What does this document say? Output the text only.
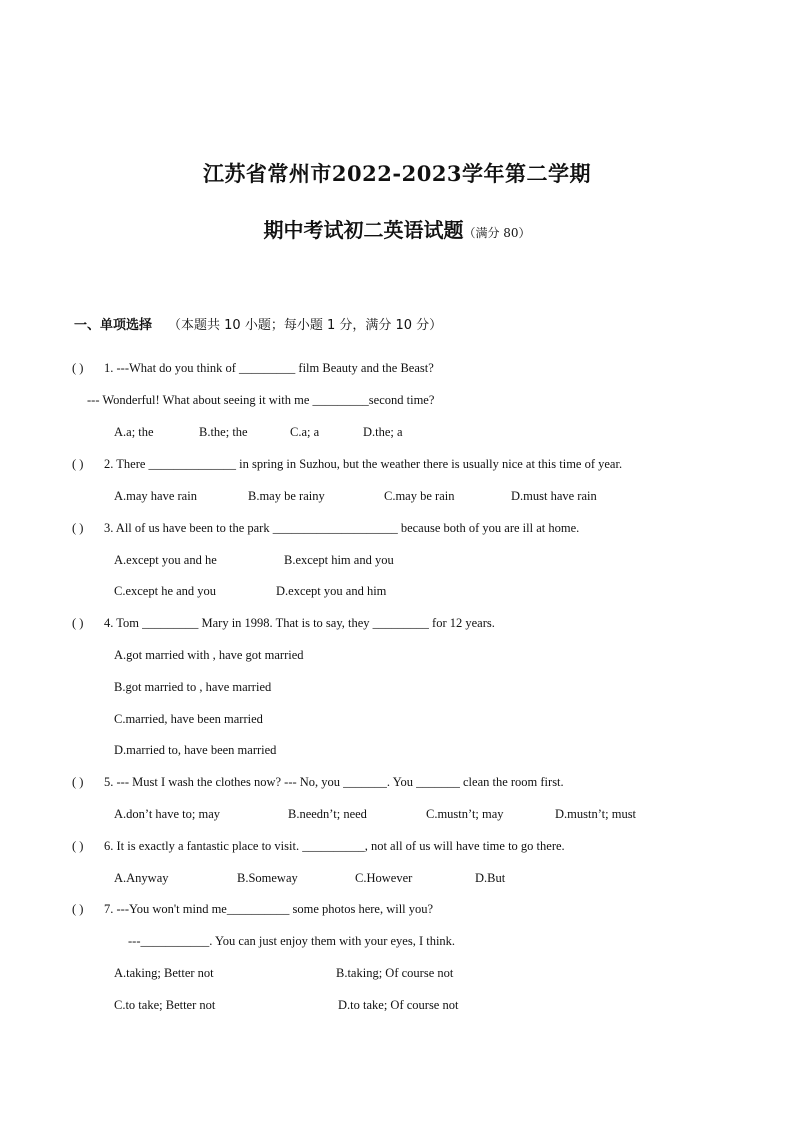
江苏省常州市2022-2023学年第二学期
期中考试初二英语试题（满分 80）
一、单项选择 （本题共 10 小题；每小题 1 分，满分 10 分）
( ) 1. ---What do you think of _________ film Beauty and the Beast?
--- Wonderful! What about seeing it with me _________second time?
A.a; the	B.the; the	C.a; a	D.the; a
( ) 2. There ______________ in spring in Suzhou, but the weather there is usually nice at this time of year.
A.may have rain	B.may be rainy	C.may be rain	D.must have rain
( ) 3. All of us have been to the park ____________________ because both of you are ill at home.
A.except you and he	B.except him and you
C.except he and you	D.except you and him
( ) 4. Tom _________ Mary in 1998. That is to say, they _________ for 12 years.
A.got married with , have got married
B.got married to , have married
C.married, have been married
D.married to, have been married
( ) 5. --- Must I wash the clothes now? --- No, you _______. You _______ clean the room first.
A.don’t have to; may	B.needn’t; need	C.mustn’t; may	D.mustn’t; must
( ) 6. It is exactly a fantastic place to visit. __________, not all of us will have time to go there.
A.Anyway	B.Someway	C.However	D.But
( ) 7. ---You won't mind me__________ some photos here, will you?
---___________. You can just enjoy them with your eyes, I think.
A.taking; Better not	B.taking; Of course not
C.to take; Better not	D.to take; Of course not
